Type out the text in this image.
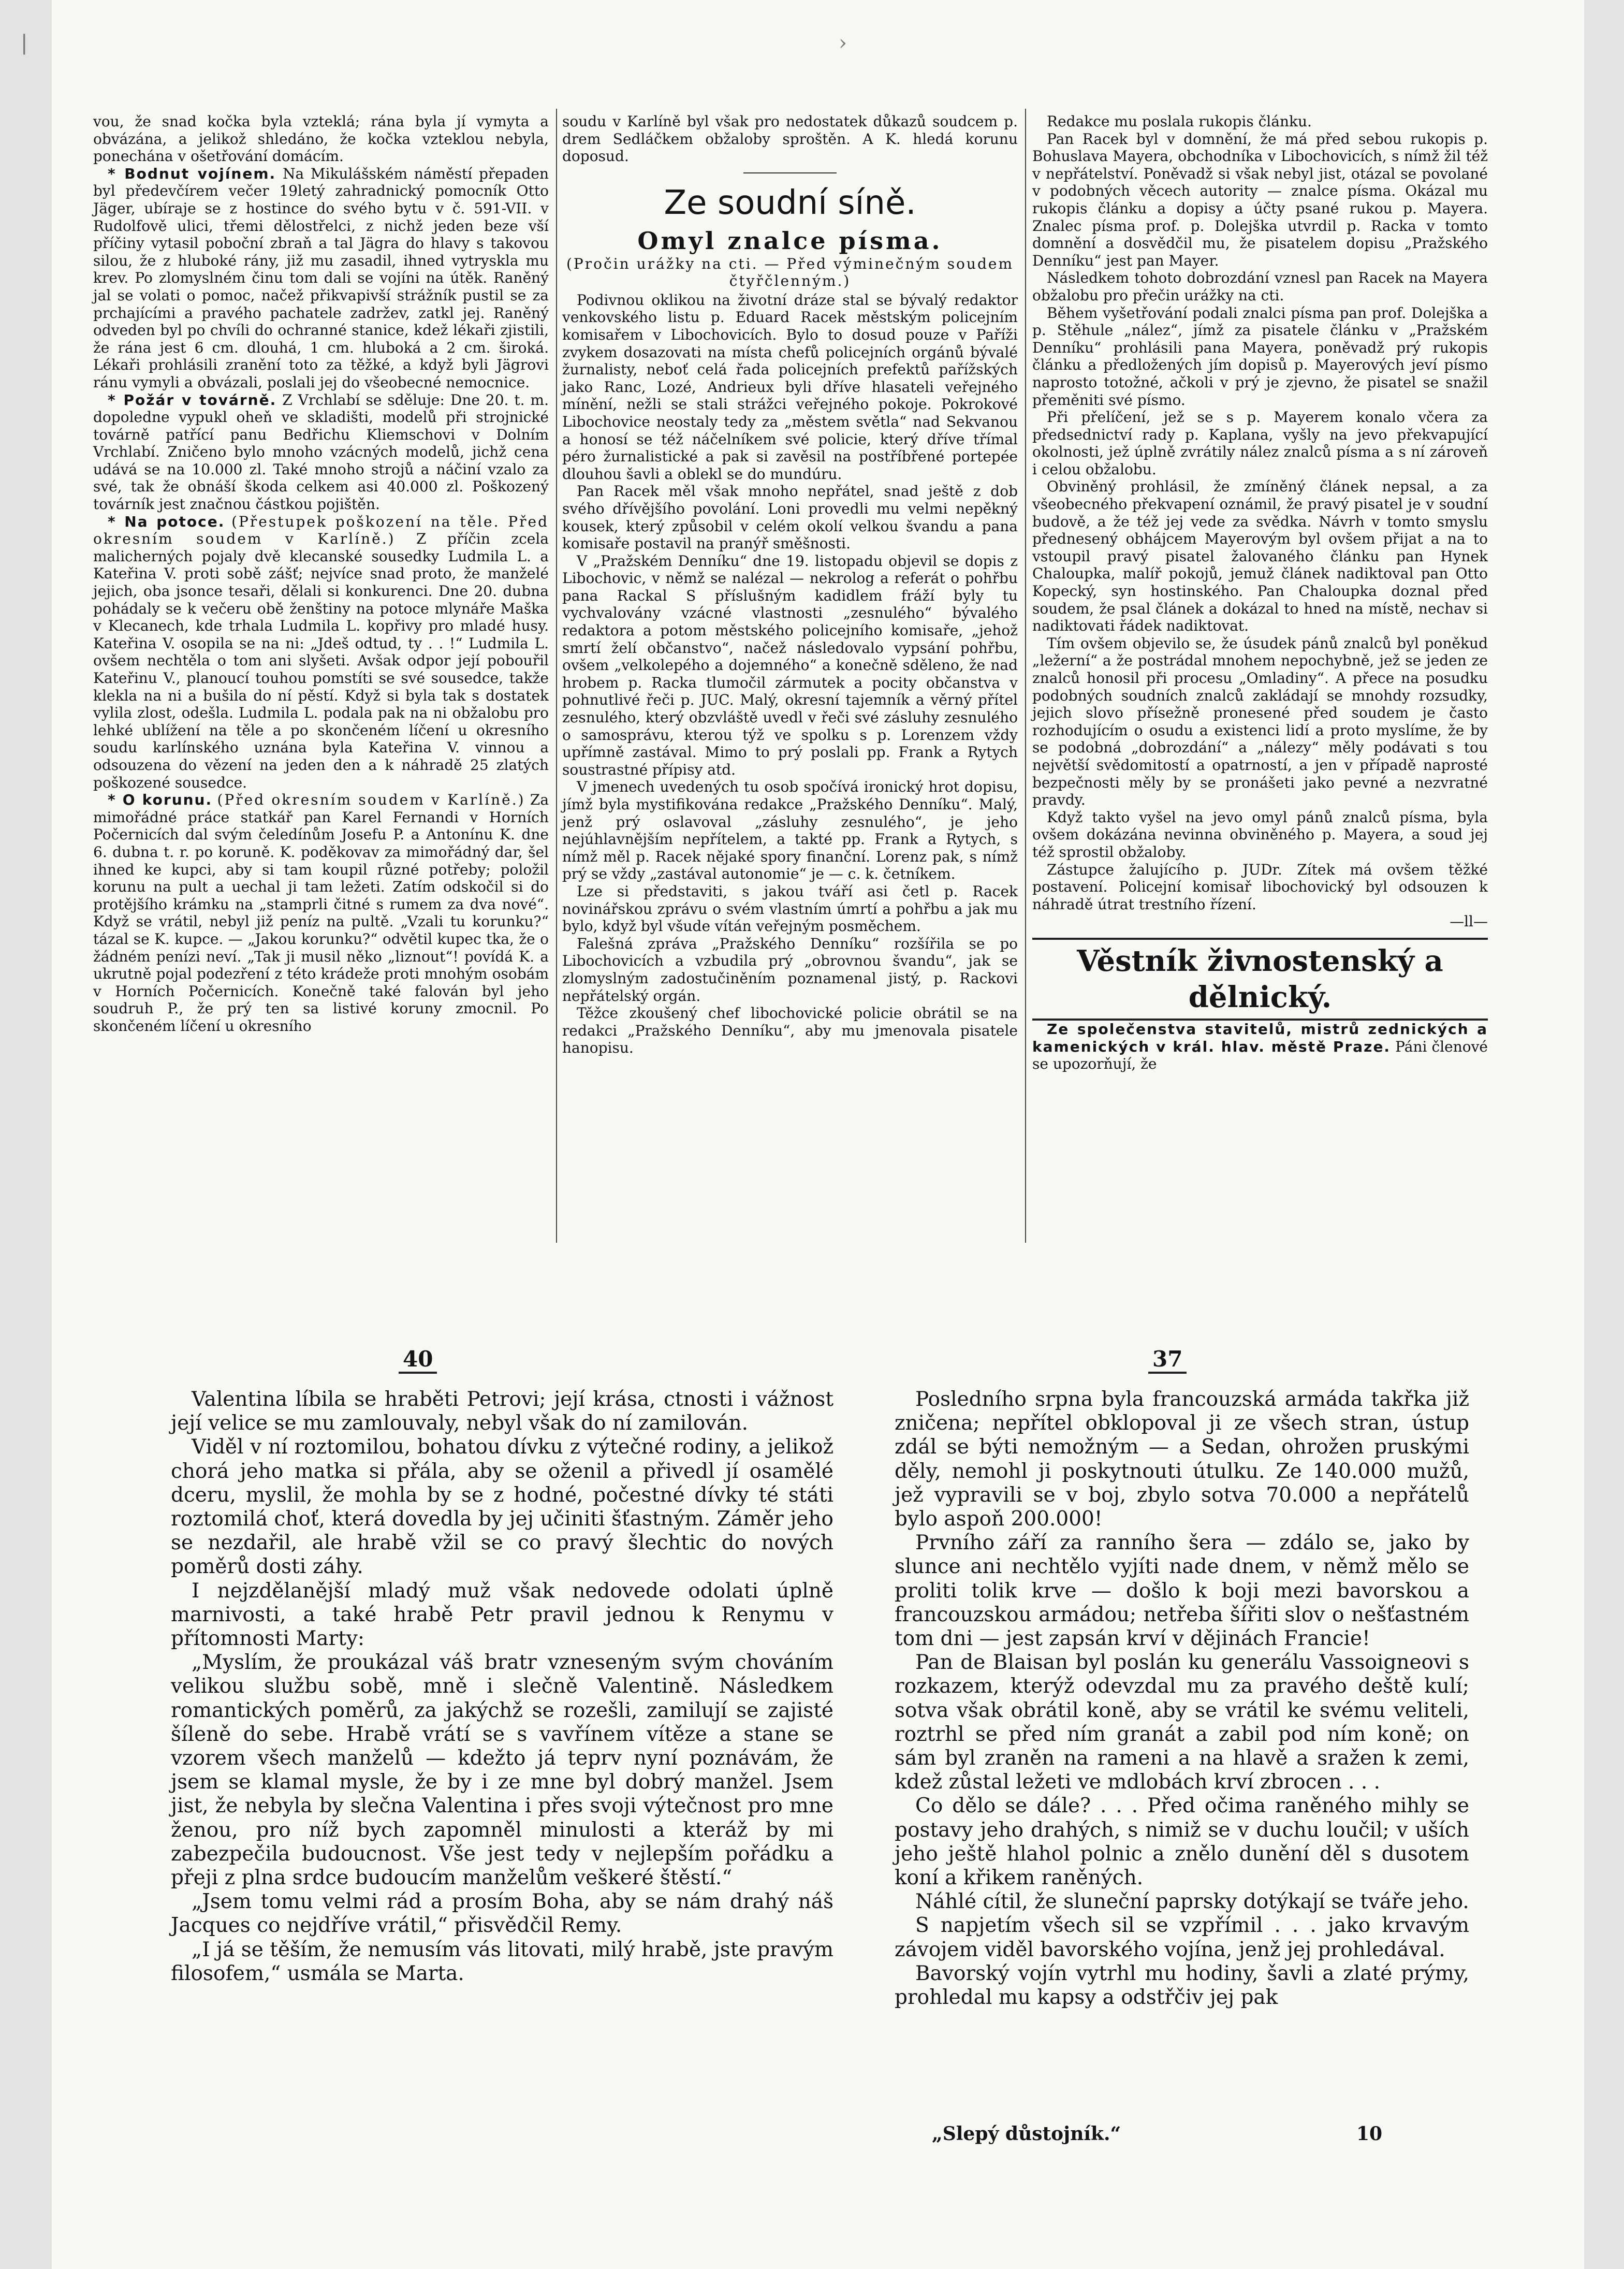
|	›

vou, že snad kočka byla vzteklá; rána byla jí vymyta a obvázána, a jelikož shledáno, že kočka vzteklou nebyla, ponechána v ošetřování domácím.

* Bodnut vojínem. Na Mikulášském náměstí přepaden byl předevčírem večer 19letý zahradnický pomocník Otto Jäger, ubíraje se z hostince do svého bytu v č. 591-VII. v Rudolfově ulici, třemi dělostřelci, z nichž jeden beze vší příčiny vytasil poboční zbraň a tal Jägra do hlavy s takovou silou, že z hluboké rány, již mu zasadil, ihned vytryskla mu krev. Po zlomyslném činu tom dali se vojíni na útěk. Raněný jal se volati o pomoc, načež přikvapivší strážník pustil se za prchajícími a pravého pachatele zadržev, zatkl jej. Raněný odveden byl po chvíli do ochranné stanice, kdež lékaři zjistili, že rána jest 6 cm. dlouhá, 1 cm. hluboká a 2 cm. široká. Lékaři prohlásili zranění toto za těžké, a když byli Jägrovi ránu vymyli a obvázali, poslali jej do všeobecné nemocnice.

* Požár v továrně. Z Vrchlabí se sděluje: Dne 20. t. m. dopoledne vypukl oheň ve skladišti, modelů při strojnické továrně patřící panu Bedřichu Kliemschovi v Dolním Vrchlabí. Zničeno bylo mnoho vzácných modelů, jichž cena udává se na 10.000 zl. Také mnoho strojů a náčiní vzalo za své, tak že obnáší škoda celkem asi 40.000 zl. Poškozený továrník jest značnou částkou pojištěn.

* Na potoce. (Přestupek poškození na těle. Před okresním soudem v Karlíně.) Z příčin zcela malicherných pojaly dvě klecanské sousedky Ludmila L. a Kateřina V. proti sobě zášť; nejvíce snad proto, že manželé jejich, oba jsonce tesaři, dělali si konkurenci. Dne 20. dubna pohádaly se k večeru obě ženštiny na potoce mlynáře Maška v Klecanech, kde trhala Ludmila L. kopřivy pro mladé husy. Kateřina V. osopila se na ni: „Jdeš odtud, ty . . !“ Ludmila L. ovšem nechtěla o tom ani slyšeti. Avšak odpor její pobouřil Kateřinu V., planoucí touhou pomstíti se své sousedce, takže klekla na ni a bušila do ní pěstí. Když si byla tak s dostatek vylila zlost, odešla. Ludmila L. podala pak na ni obžalobu pro lehké ublížení na těle a po skončeném líčení u okresního soudu karlínského uznána byla Kateřina V. vinnou a odsouzena do vězení na jeden den a k náhradě 25 zlatých poškozené sousedce.

* O korunu. (Před okresním soudem v Karlíně.) Za mimořádné práce statkář pan Karel Fernandi v Horních Počernicích dal svým čeledínům Josefu P. a Antonínu K. dne 6. dubna t. r. po koruně. K. poděkovav za mimořádný dar, šel ihned ke kupci, aby si tam koupil různé potřeby; položil korunu na pult a uechal ji tam ležeti. Zatím odskočil si do protějšího krámku na „stamprli čitné s rumem za dva nové“. Když se vrátil, nebyl již peníz na pultě. „Vzali tu korunku?“ tázal se K. kupce. — „Jakou korunku?“ odvětil kupec tka, že o žádném penízi neví. „Tak ji musil něko „liznout“! povídá K. a ukrutně pojal podezření z této krádeže proti mnohým osobám v Horních Počernicích. Konečně také falován byl jeho soudruh P., že prý ten sa listivé koruny zmocnil. Po skončeném líčení u okresního

soudu v Karlíně byl však pro nedostatek důkazů soudcem p. drem Sedláčkem obžaloby sproštěn. A K. hledá korunu doposud.

Ze soudní síně.
Omyl znalce písma.
(Pročin urážky na cti. — Před výminečným soudem čtyřčlenným.)

Podivnou oklikou na životní dráze stal se bývalý redaktor venkovského listu p. Eduard Racek městským policejním komisařem v Libochovicích. Bylo to dosud pouze v Paříži zvykem dosazovati na místa chefů policejních orgánů bývalé žurnalisty, neboť celá řada policejních prefektů pařížských jako Ranc, Lozé, Andrieux byli dříve hlasateli veřejného mínění, nežli se stali strážci veřejného pokoje. Pokrokové Libochovice neostaly tedy za „městem světla“ nad Sekvanou a honosí se též náčelníkem své policie, který dříve třímal péro žurnalistické a pak si zavěsil na postříbřené portepée dlouhou šavli a oblekl se do mundúru.

Pan Racek měl však mnoho nepřátel, snad ještě z dob svého dřívějšího povolání. Loni provedli mu velmi nepěkný kousek, který způsobil v celém okolí velkou švandu a pana komisaře postavil na pranýř směšnosti.

V „Pražském Denníku“ dne 19. listopadu objevil se dopis z Libochovic, v němž se nalézal — nekrolog a referát o pohřbu pana Rackal S příslušným kadidlem fráží byly tu vychvalovány vzácné vlastnosti „zesnulého“ bývalého redaktora a potom městského policejního komisaře, „jehož smrtí želí občanstvo“, načež následovalo vypsání pohřbu, ovšem „velkolepého a dojemného“ a konečně sděleno, že nad hrobem p. Racka tlumočil zármutek a pocity občanstva v pohnutlivé řeči p. JUC. Malý, okresní tajemník a věrný přítel zesnulého, který obzvláště uvedl v řeči své zásluhy zesnulého o samosprávu, kterou týž ve spolku s p. Lorenzem vždy upřímně zastával. Mimo to prý poslali pp. Frank a Rytych soustrastné přípisy atd.

V jmenech uvedených tu osob spočívá ironický hrot dopisu, jímž byla mystifikována redakce „Pražského Denníku“. Malý, jenž prý oslavoval „zásluhy zesnulého“, je jeho nejúhlavnějším nepřítelem, a takté pp. Frank a Rytych, s nímž měl p. Racek nějaké spory finanční. Lorenz pak, s nímž prý se vždy „zastával autonomie“ je — c. k. četníkem.

Lze si představiti, s jakou tváří asi četl p. Racek novinářskou zprávu o svém vlastním úmrtí a pohřbu a jak mu bylo, když byl všude vítán veřejným posměchem.

Falešná zpráva „Pražského Denníku“ rozšířila se po Libochovicích a vzbudila prý „obrovnou švandu“, jak se zlomyslným zadostučiněním poznamenal jistý, p. Rackovi nepřátelský orgán.

Těžce zkoušený chef libochovické policie obrátil se na redakci „Pražského Denníku“, aby mu jmenovala pisatele hanopisu.

Redakce mu poslala rukopis článku.

Pan Racek byl v domnění, že má před sebou rukopis p. Bohuslava Mayera, obchodníka v Libochovicích, s nímž žil též v nepřátelství. Poněvadž si však nebyl jist, otázal se povolané v podobných věcech autority — znalce písma. Okázal mu rukopis článku a dopisy a účty psané rukou p. Mayera. Znalec písma prof. p. Dolejška utvrdil p. Racka v tomto domnění a dosvědčil mu, že pisatelem dopisu „Pražského Denníku“ jest pan Mayer.

Následkem tohoto dobrozdání vznesl pan Racek na Mayera obžalobu pro přečin urážky na cti.

Během vyšetřování podali znalci písma pan prof. Dolejška a p. Stěhule „nález“, jímž za pisatele článku v „Pražském Denníku“ prohlásili pana Mayera, poněvadž prý rukopis článku a předložených jím dopisů p. Mayerových jeví písmo naprosto totožné, ačkoli v prý je zjevno, že pisatel se snažil přeměniti své písmo.

Při přelíčení, jež se s p. Mayerem konalo včera za předsednictví rady p. Kaplana, vyšly na jevo překvapující okolnosti, jež úplně zvrátily nález znalců písma a s ní zároveň i celou obžalobu.

Obviněný prohlásil, že zmíněný článek nepsal, a za všeobecného překvapení oznámil, že pravý pisatel je v soudní budově, a že též jej vede za svědka. Návrh v tomto smyslu přednesený obhájcem Mayerovým byl ovšem přijat a na to vstoupil pravý pisatel žalovaného článku pan Hynek Chaloupka, malíř pokojů, jemuž článek nadiktoval pan Otto Kopecký, syn hostinského. Pan Chaloupka doznal před soudem, že psal článek a dokázal to hned na místě, nechav si nadiktovati řádek nadiktovat.

Tím ovšem objevilo se, že úsudek pánů znalců byl poněkud „ležerní“ a že postrádal mnohem nepochybně, jež se jeden ze znalců honosil při procesu „Omladiny“. A přece na posudku podobných soudních znalců zakládají se mnohdy rozsudky, jejich slovo přísežně pronesené před soudem je často rozhodujícím o osudu a existenci lidí a proto myslíme, že by se podobná „dobrozdání“ a „nálezy“ měly podávati s tou největší svědomitostí a opatrností, a jen v případě naprosté bezpečnosti měly by se pronášeti jako pevné a nezvratné pravdy.

Když takto vyšel na jevo omyl pánů znalců písma, byla ovšem dokázána nevinna obviněného p. Mayera, a soud jej též sprostil obžaloby.

Zástupce žalujícího p. JUDr. Zítek má ovšem těžké postavení. Policejní komisař libochovický byl odsouzen k náhradě útrat trestního řízení.

—ll—

Věstník živnostenský a dělnický.

Ze společenstva stavitelů, mistrů zednických a kamenických v král. hlav. městě Praze. Páni členové se upozorňují, že

40

Valentina líbila se hraběti Petrovi; její krása, ctnosti i vážnost její velice se mu zamlouvaly, nebyl však do ní zamilován.

Viděl v ní roztomilou, bohatou dívku z výtečné rodiny, a jelikož chorá jeho matka si přála, aby se oženil a přivedl jí osamělé dceru, myslil, že mohla by se z hodné, počestné dívky té státi roztomilá choť, která dovedla by jej učiniti šťastným. Záměr jeho se nezdařil, ale hrabě vžil se co pravý šlechtic do nových poměrů dosti záhy.

I nejzdělanější mladý muž však nedovede odolati úplně marnivosti, a také hrabě Petr pravil jednou k Renymu v přítomnosti Marty:

„Myslím, že proukázal váš bratr vzneseným svým chováním velikou službu sobě, mně i slečně Valentině. Následkem romantických poměrů, za jakýchž se rozešli, zamilují se zajisté šíleně do sebe. Hrabě vrátí se s vavřínem vítěze a stane se vzorem všech manželů — kdežto já teprv nyní poznávám, že jsem se klamal mysle, že by i ze mne byl dobrý manžel. Jsem jist, že nebyla by slečna Valentina i přes svoji výtečnost pro mne ženou, pro níž bych zapomněl minulosti a kteráž by mi zabezpečila budoucnost. Vše jest tedy v nejlepším pořádku a přeji z plna srdce budoucím manželům veškeré štěstí.“

„Jsem tomu velmi rád a prosím Boha, aby se nám drahý náš Jacques co nejdříve vrátil,“ přisvědčil Remy.

„I já se těším, že nemusím vás litovati, milý hrabě, jste pravým filosofem,“ usmála se Marta.

37

Posledního srpna byla francouzská armáda takřka již zničena; nepřítel obklopoval ji ze všech stran, ústup zdál se býti nemožným — a Sedan, ohrožen pruskými děly, nemohl ji poskytnouti útulku. Ze 140.000 mužů, jež vypravili se v boj, zbylo sotva 70.000 a nepřátelů bylo aspoň 200.000!

Prvního září za ranního šera — zdálo se, jako by slunce ani nechtělo vyjíti nade dnem, v němž mělo se proliti tolik krve — došlo k boji mezi bavorskou a francouzskou armádou; netřeba šířiti slov o nešťastném tom dni — jest zapsán krví v dějinách Francie!

Pan de Blaisan byl poslán ku generálu Vassoigneovi s rozkazem, kterýž odevzdal mu za pravého deště kulí; sotva však obrátil koně, aby se vrátil ke svému veliteli, roztrhl se před ním granát a zabil pod ním koně; on sám byl zraněn na rameni a na hlavě a sražen k zemi, kdež zůstal ležeti ve mdlobách krví zbrocen . . .

Co dělo se dále? . . . Před očima raněného mihly se postavy jeho drahých, s nimiž se v duchu loučil; v uších jeho ještě hlahol polnic a znělo dunění děl s dusotem koní a křikem raněných.

Náhlé cítil, že sluneční paprsky dotýkají se tváře jeho.

S napjetím všech sil se vzpřímil . . . jako krvavým závojem viděl bavorského vojína, jenž jej prohledával.

Bavorský vojín vytrhl mu hodiny, šavli a zlaté prýmy, prohledal mu kapsy a odstřčiv jej pak

„Slepý důstojník.“	10
